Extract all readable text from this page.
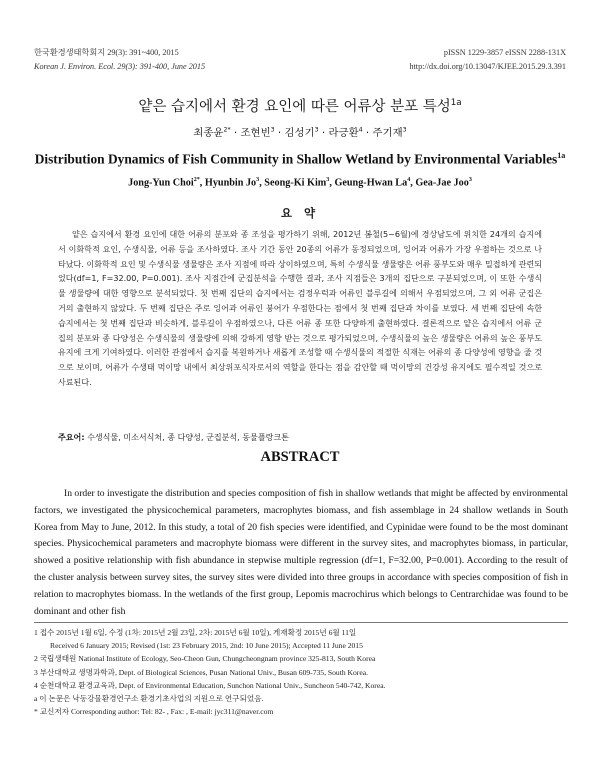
한국환경생태학회지 29(3): 391~400, 2015
Korean J. Environ. Ecol. 29(3): 391-400, June 2015
pISSN 1229-3857 eISSN 2288-131X
http://dx.doi.org/10.13047/KJEE.2015.29.3.391
얕은 습지에서 환경 요인에 따른 어류상 분포 특성$^{1a}$
최종윤$^{2*}$ · 조현빈$^3$ · 김성기$^3$ · 라긍환$^4$ · 주기재$^3$
Distribution Dynamics of Fish Community in Shallow Wetland by Environmental Variables$^{1a}$
Jong-Yun Choi$^{2*}$, Hyunbin Jo$^3$, Seong-Ki Kim$^3$, Geung-Hwan La$^4$, Gea-Jae Joo$^3$
요 약

얕은 습지에서 환경 요인에 대한 어류의 분포와 종 조성을 평가하기 위해, 2012년 봄철(5~6월)에 경상남도에 위치한 24개의 습지에서 이화학적 요인, 수생식물, 어류 등을 조사하였다. 조사 기간 동안 20종의 어류가 동정되었으며, 잉어과 어류가 가장 우점하는 것으로 나타났다. 이화학적 요인 및 수생식물 생물량은 조사 지점에 따라 상이하였으며, 특히 수생식물 생물량은 어류 풍부도와 매우 밀접하게 관련되었다(df=1, F=32.00, P=0.001). 조사 지점간에 군집분석을 수행한 결과, 조사 지점들은 3개의 집단으로 구분되었으며, 이 또한 수생식물 생물량에 대한 영향으로 분석되었다. 첫 번째 집단의 습지에서는 검정우럭과 어류인 블루길에 의해서 우점되었으며, 그 외 어류 군집은 거의 출현하지 않았다. 두 번째 집단은 주로 잉어과 어류인 붕어가 우점한다는 점에서 첫 번째 집단과 차이를 보였다. 세 번째 집단에 속한 습지에서는 첫 번째 집단과 비슷하게, 블루길이 우점하였으나, 다른 어류 종 또한 다양하게 출현하였다. 결론적으로 얕은 습지에서 어류 군집의 분포와 종 다양성은 수생식물의 생물량에 의해 강하게 영향 받는 것으로 평가되었으며, 수생식물의 높은 생물량은 어류의 높은 풍부도 유지에 크게 기여하였다. 이러한 관점에서 습지를 복원하거나 새롭게 조성할 때 수생식물의 적절한 식재는 어류의 종 다양성에 영향을 줄 것으로 보이며, 어류가 수생태 먹이망 내에서 최상위포식자로서의 역할을 한다는 점을 감안할 때 먹이망의 건강성 유지에도 필수적일 것으로 사료된다.

주요어: 수생식물, 미소서식처, 종 다양성, 군집분석, 동물플랑크톤
ABSTRACT

In order to investigate the distribution and species composition of fish in shallow wetlands that might be affected by environmental factors, we investigated the physicochemical parameters, macrophytes biomass, and fish assemblage in 24 shallow wetlands in South Korea from May to June, 2012. In this study, a total of 20 fish species were identified, and Cypinidae were found to be the most dominant species. Physicochemical parameters and macrophyte biomass were different in the survey sites, and macrophytes biomass, in particular, showed a positive relationship with fish abundance in stepwise multiple regression (df=1, F=32.00, P=0.001). According to the result of the cluster analysis between survey sites, the survey sites were divided into three groups in accordance with species composition of fish in relation to macrophytes biomass. In the wetlands of the first group, Lepomis macrochirus which belongs to Centrarchidae was found to be dominant and other fish

1 접수 2015년 1월 6일, 수정 (1차: 2015년 2월 23일, 2차: 2015년 6월 10일), 게재확정 2015년 6월 11일
Received 6 January 2015; Revised (1st: 23 February 2015, 2nd: 10 June 2015); Accepted 11 June 2015
2 국립생태원 National Institute of Ecology, Seo-Cheon Gun, Chungcheongnam province 325-813, South Korea
3 부산대학교 생명과학과, Dept. of Biological Sciences, Pusan National Univ., Busan 609-735, South Korea.
4 순천대학교 환경교육과, Dept. of Environmental Education, Sunchon National Univ., Suncheon 540-742, Korea.
a 이 논문은 낙동강물환경연구소 환경기초사업의 지원으로 연구되었음.
* 교신저자 Corresponding author: Tel: 82- , Fax: , E-mail: jyc311@naver.com
